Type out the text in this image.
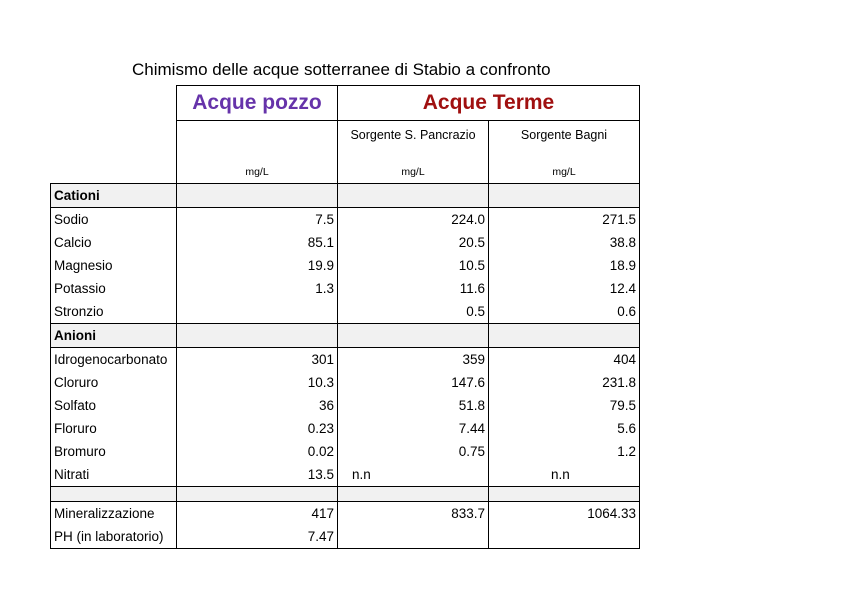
Chimismo delle acque sotterranee di Stabio a confronto
	Acque pozzo	Acque Terme	
		Sorgente S. Pancrazio	Sorgente Bagni
	mg/L	mg/L	mg/L
Cationi			
Sodio	7.5	224.0	271.5
Calcio	85.1	20.5	38.8
Magnesio	19.9	10.5	18.9
Potassio	1.3	11.6	12.4
Stronzio		0.5	0.6
Anioni			
Idrogenocarbonato	301	359	404
Cloruro	10.3	147.6	231.8
Solfato	36	51.8	79.5
Floruro	0.23	7.44	5.6
Bromuro	0.02	0.75	1.2
Nitrati	13.5	n.n	n.n

Mineralizzazione	417	833.7	1064.33
PH (in laboratorio)	7.47		
